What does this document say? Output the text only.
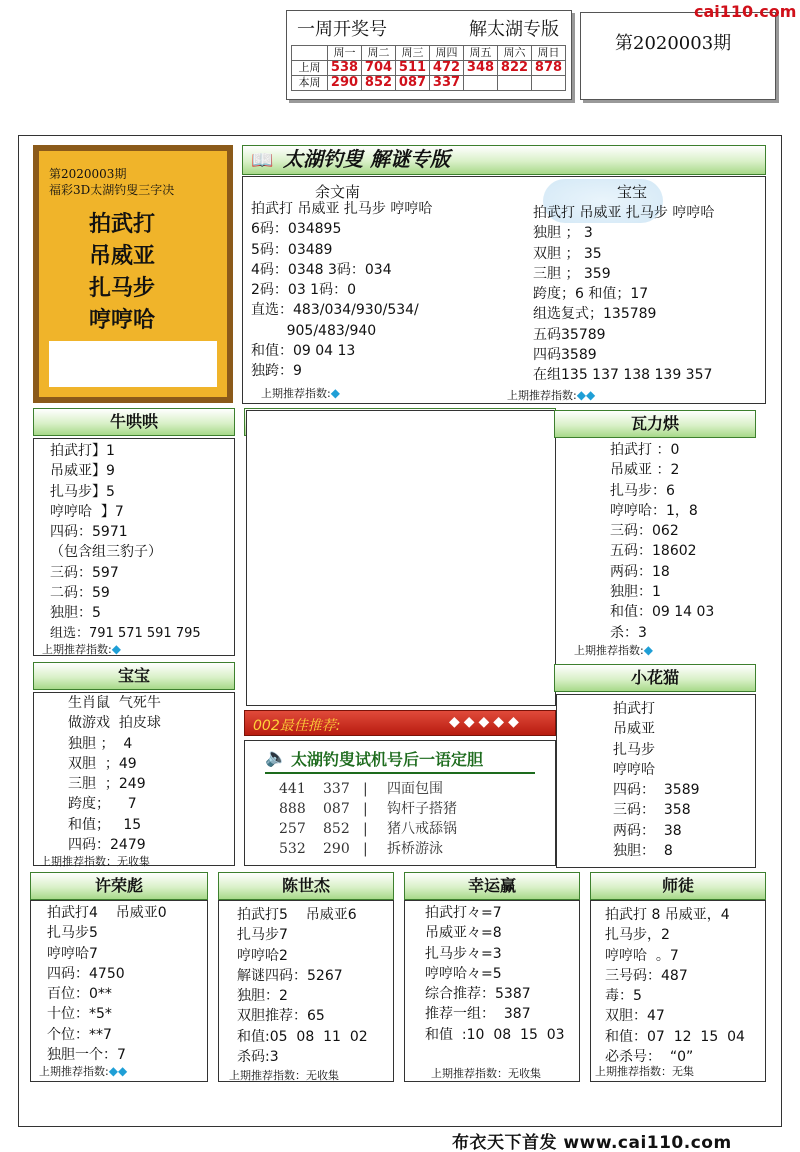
一周开奖号	解太湖专版
	周一	周二	周三	周四	周五	周六	周日
上周	538	704	511	472	348	822	878
本周	290	852	087	337			
第2020003期
cai110.com
第2020003期
福彩3D太湖钓叟三字决
拍武打
吊威亚
扎马步
哼哼哈
📖 太湖钓叟 解谜专版
余文南
拍武打 吊威亚 扎马步 哼哼哈
6码：034895
5码：03489
4码：0348 3码：034
2码：03 1码：0
直选：483/034/930/534/
905/483/940
和值：09 04 13
独跨：9
上期推荐指数:◆
宝宝
拍武打 吊威亚 扎马步 哼哼哈
独胆 ； 3
双胆 ； 35
三胆 ； 359
跨度；6 和值；17
组选复式；135789
五码35789
四码3589
在组135 137 138 139 357
上期推荐指数:◆◆
牛哄哄
拍武打】1
吊威亚】9
扎马步】5
哼哼哈  】7
四码：5971
（包含组三豹子）
三码：597
二码：59
独胆：5
组选：791 571 591 795
上期推荐指数:◆
瓦力烘
拍武打 ：0
吊威亚 ：2
扎马步：6
哼哼哈：1，8
三码：062
五码：18602
两码：18
独胆：1
和值：09 14 03
杀：3
上期推荐指数:◆
宝宝
生肖鼠  气死牛
做游戏  拍皮球
独胆 ；  4
双胆  ；49
三胆  ；249
跨度；    7
和值；   15
四码：2479
上期推荐指数：无收集
002最佳推荐:	◆◆◆◆◆
🔈 太湖钓叟试机号后一语定胆
441 337 | 四面包围
888 087 | 钩杆子搭猪
257 852 | 猪八戒舔锅
532 290 | 拆桥游泳
小花猫
拍武打
吊威亚
扎马步
哼哼哈
四码：  3589
三码：  358
两码：  38
独胆：  8
许荣彪
拍武打4    吊威亚0
扎马步5
哼哼哈7
四码：4750
百位：0**
十位：*5*
个位：**7
独胆一个：7
上期推荐指数:◆◆
陈世杰
拍武打5    吊威亚6
扎马步7
哼哼哈2
解谜四码：5267
独胆：2
双胆推荐：65
和值:05  08  11  02
杀码:3
上期推荐指数：无收集
幸运赢
拍武打々=7
吊威亚々=8
扎马步々=3
哼哼哈々=5
综合推荐：5387
推荐一组：  387
和值  :10  08  15  03
上期推荐指数：无收集
师徒
拍武打 8 吊威亚，4
扎马步，2
哼哼哈  。7
三号码：487
毒：5
双胆：47
和值：07  12  15  04
必杀号：  “0”
上期推荐指数：无集
布衣天下首发 www.cai110.com
